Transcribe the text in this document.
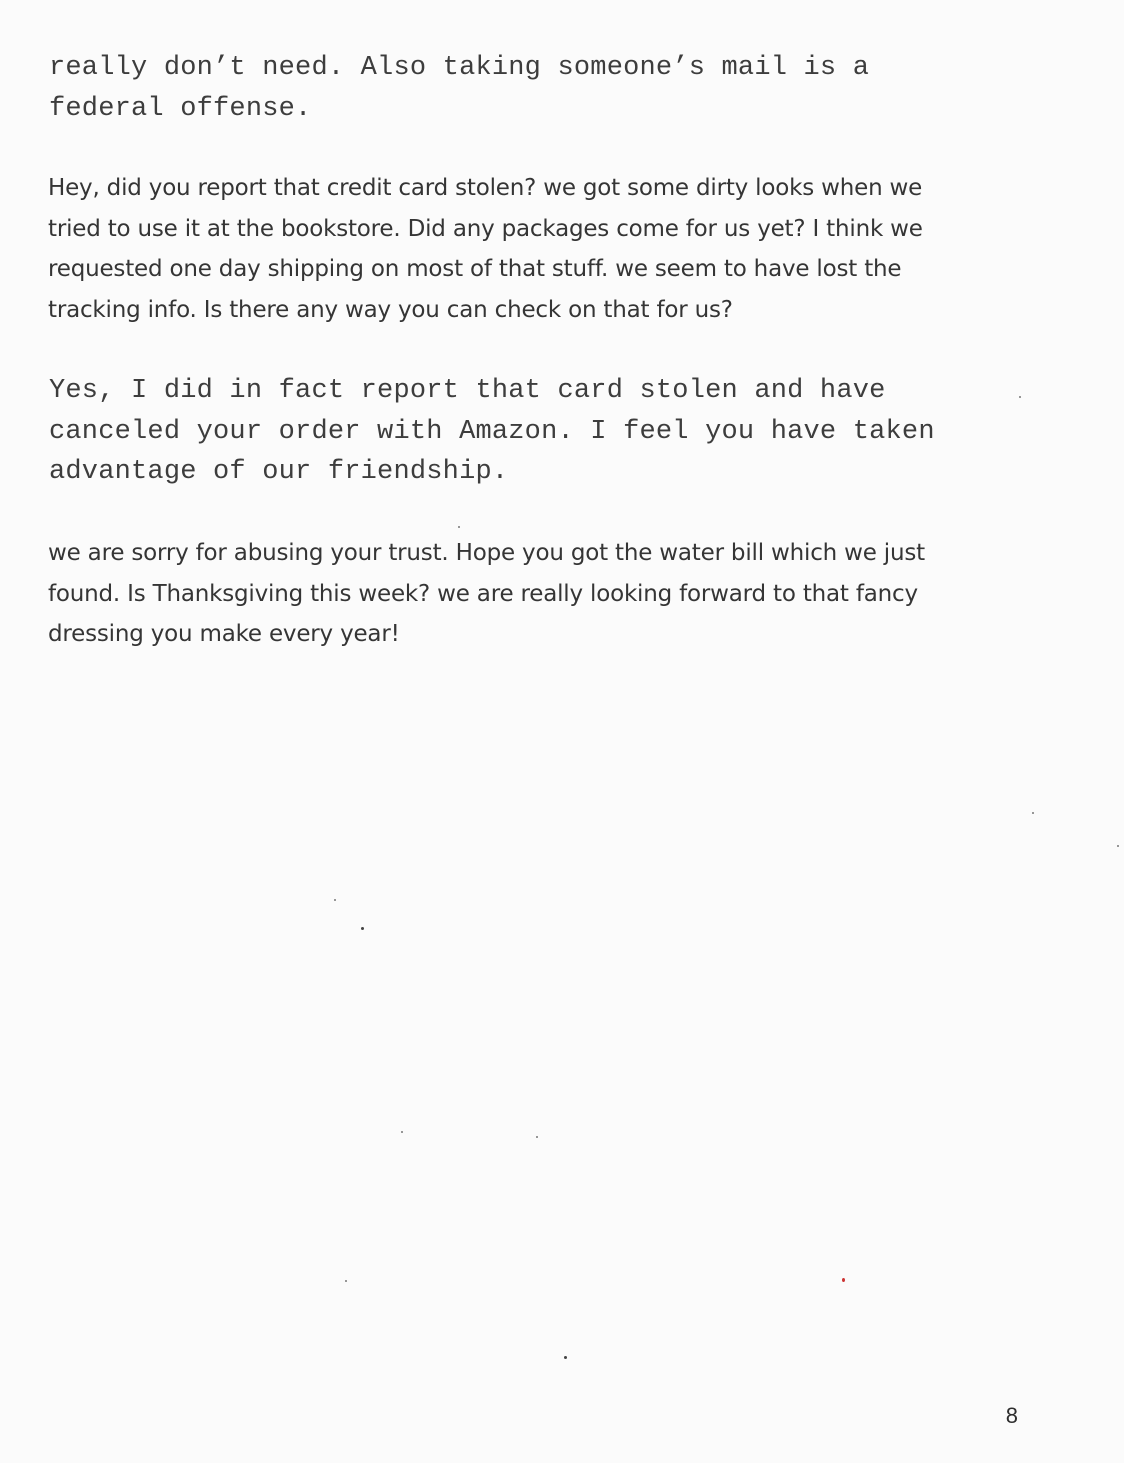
really don’t need. Also taking someone’s mail is a
federal offense.

Hey, did you report that credit card stolen? we got some dirty looks when we
tried to use it at the bookstore. Did any packages come for us yet? I think we
requested one day shipping on most of that stuff. we seem to have lost the
tracking info. Is there any way you can check on that for us?

Yes, I did in fact report that card stolen and have
canceled your order with Amazon. I feel you have taken
advantage of our friendship.

we are sorry for abusing your trust. Hope you got the water bill which we just
found. Is Thanksgiving this week? we are really looking forward to that fancy
dressing you make every year!

8
